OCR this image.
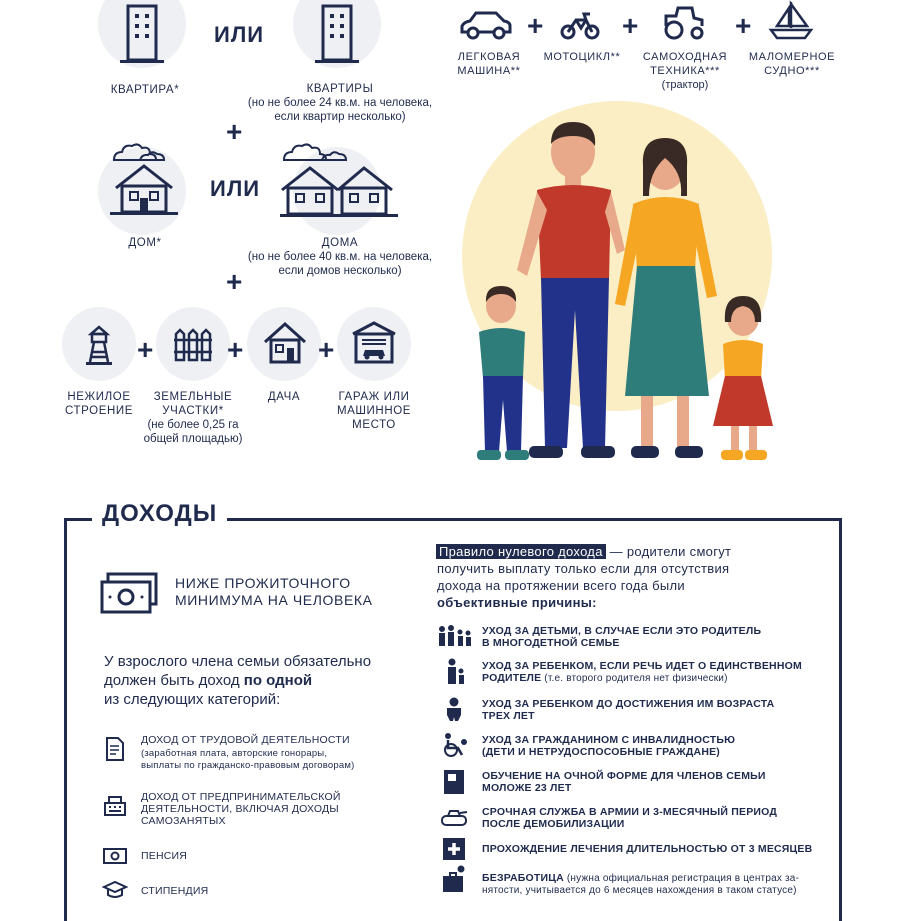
КВАРТИРА*
ИЛИ
КВАРТИРЫ
(но не более 24 кв.м. на человека,
если квартир несколько)
+
ДОМ*
ИЛИ
ДОМА
(но не более 40 кв.м. на человека,
если домов несколько)
+
+	+	+
НЕЖИЛОЕ
СТРОЕНИЕ
ЗЕМЕЛЬНЫЕ
УЧАСТКИ*
(не более 0,25 га
общей площадью)
ДАЧА	ГАРАЖ ИЛИ
МАШИННОЕ
МЕСТО
+	+	+
ЛЕГКОВАЯ
МАШИНА**
МОТОЦИКЛ**	САМОХОДНАЯ
ТЕХНИКА***
(трактор)
МАЛОМЕРНОЕ
СУДНО***
ДОХОДЫ
НИЖЕ ПРОЖИТОЧНОГО
МИНИМУМА НА ЧЕЛОВЕКА
У взрослого члена семьи обязательно
должен быть доход по одной
из следующих категорий:
ДОХОД ОТ ТРУДОВОЙ ДЕЯТЕЛЬНОСТИ
(заработная плата, авторские гонорары,
выплаты по гражданско-правовым договорам)
ДОХОД ОТ ПРЕДПРИНИМАТЕЛЬСКОЙ
ДЕЯТЕЛЬНОСТИ, ВКЛЮЧАЯ ДОХОДЫ
САМОЗАНЯТЫХ
ПЕНСИЯ
СТИПЕНДИЯ
Правило нулевого дохода — родители смогут
получить выплату только если для отсутствия
дохода на протяжении всего года были
объективные причины:
УХОД ЗА ДЕТЬМИ, В СЛУЧАЕ ЕСЛИ ЭТО РОДИТЕЛЬ
В МНОГОДЕТНОЙ СЕМЬЕ
УХОД ЗА РЕБЕНКОМ, ЕСЛИ РЕЧЬ ИДЕТ О ЕДИНСТВЕННОМ
РОДИТЕЛЕ (т.е. второго родителя нет физически)
УХОД ЗА РЕБЕНКОМ ДО ДОСТИЖЕНИЯ ИМ ВОЗРАСТА
ТРЕХ ЛЕТ
УХОД ЗА ГРАЖДАНИНОМ С ИНВАЛИДНОСТЬЮ
(ДЕТИ И НЕТРУДОСПОСОБНЫЕ ГРАЖДАНЕ)
ОБУЧЕНИЕ НА ОЧНОЙ ФОРМЕ ДЛЯ ЧЛЕНОВ СЕМЬИ
МОЛОЖЕ 23 ЛЕТ
СРОЧНАЯ СЛУЖБА В АРМИИ И 3-МЕСЯЧНЫЙ ПЕРИОД
ПОСЛЕ ДЕМОБИЛИЗАЦИИ
ПРОХОЖДЕНИЕ ЛЕЧЕНИЯ ДЛИТЕЛЬНОСТЬЮ ОТ 3 МЕСЯЦЕВ
БЕЗРАБОТИЦА (нужна официальная регистрация в центрах за-
нятости, учитывается до 6 месяцев нахождения в таком статусе)
